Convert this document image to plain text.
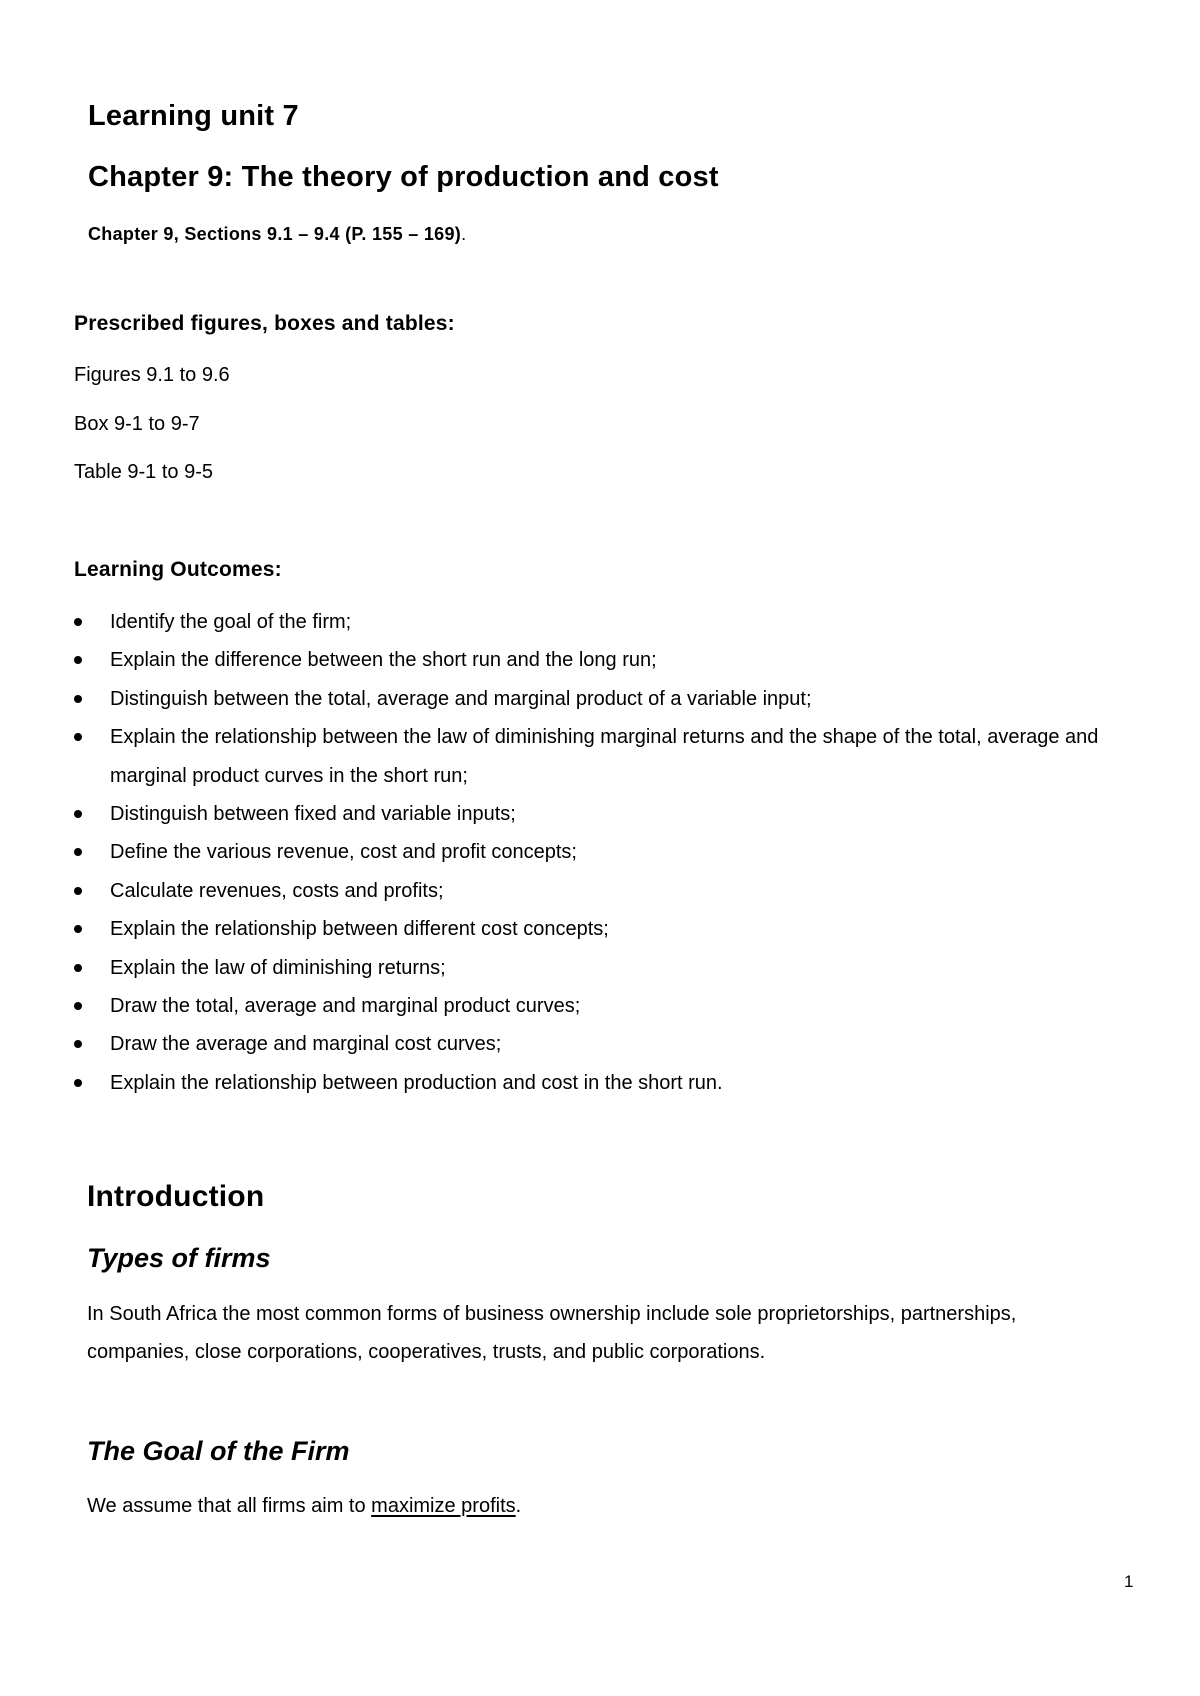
Learning unit 7
Chapter 9: The theory of production and cost
Chapter 9, Sections 9.1 – 9.4 (P. 155 – 169).
Prescribed figures, boxes and tables:
Figures 9.1 to 9.6
Box 9-1 to 9-7
Table 9-1 to 9-5
Learning Outcomes:
Identify the goal of the firm;
Explain the difference between the short run and the long run;
Distinguish between the total, average and marginal product of a variable input;
Explain the relationship between the law of diminishing marginal returns and the shape of the total, average and marginal product curves in the short run;
Distinguish between fixed and variable inputs;
Define the various revenue, cost and profit concepts;
Calculate revenues, costs and profits;
Explain the relationship between different cost concepts;
Explain the law of diminishing returns;
Draw the total, average and marginal product curves;
Draw the average and marginal cost curves;
Explain the relationship between production and cost in the short run.
Introduction
Types of firms
In South Africa the most common forms of business ownership include sole proprietorships, partnerships,
companies, close corporations, cooperatives, trusts, and public corporations.
The Goal of the Firm
We assume that all firms aim to maximize profits.
1
